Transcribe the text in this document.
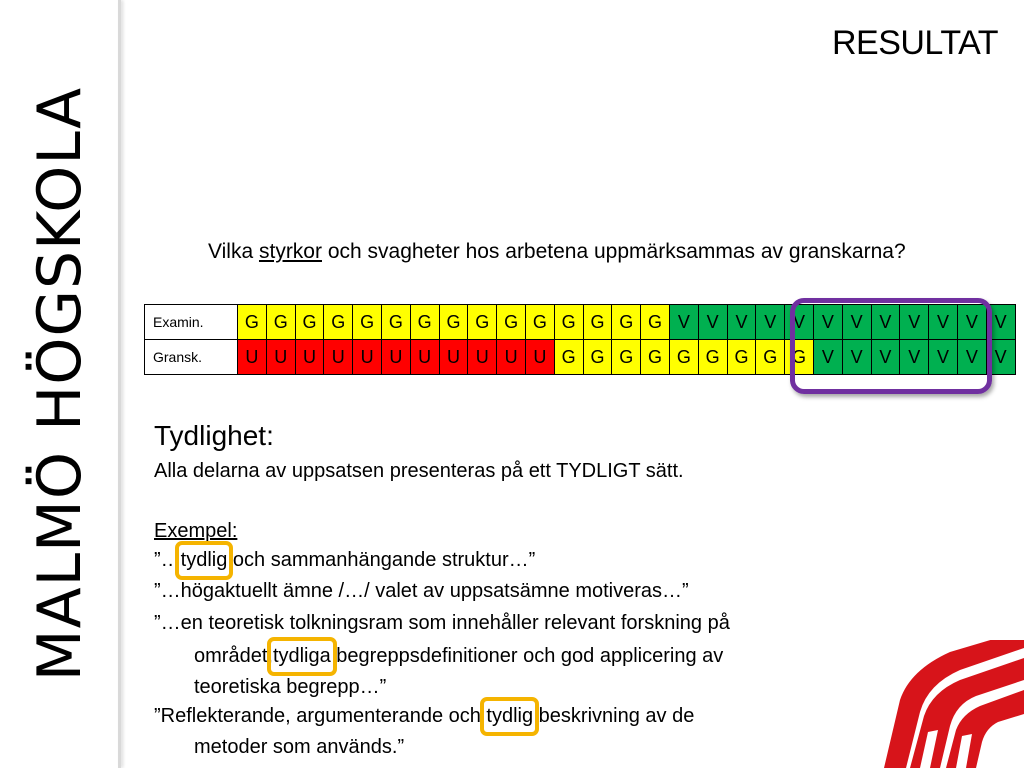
MALMÖ HÖGSKOLA
RESULTAT
Vilka styrkor och svagheter hos arbetena uppmärksammas av granskarna?
Examin.	G	G	G	G	G	G	G	G	G	G	G	G	G	G	G	V	V	V	V	V	V	V	V	V	V	V	V
Gransk.	U	U	U	U	U	U	U	U	U	U	U	G	G	G	G	G	G	G	G	G	V	V	V	V	V	V	V
Tydlighet:
Alla delarna av uppsatsen presenteras på ett TYDLIGT sätt.
Exempel:
”…tydlig och sammanhängande struktur…”
”…högaktuellt ämne /…/ valet av uppsatsämne motiveras…”
”…en teoretisk tolkningsram som innehåller relevant forskning på
området,tydliga begreppsdefinitioner och god applicering av
teoretiska begrepp…”
”Reflekterande, argumenterande och tydlig beskrivning av de
metoder som används.”
